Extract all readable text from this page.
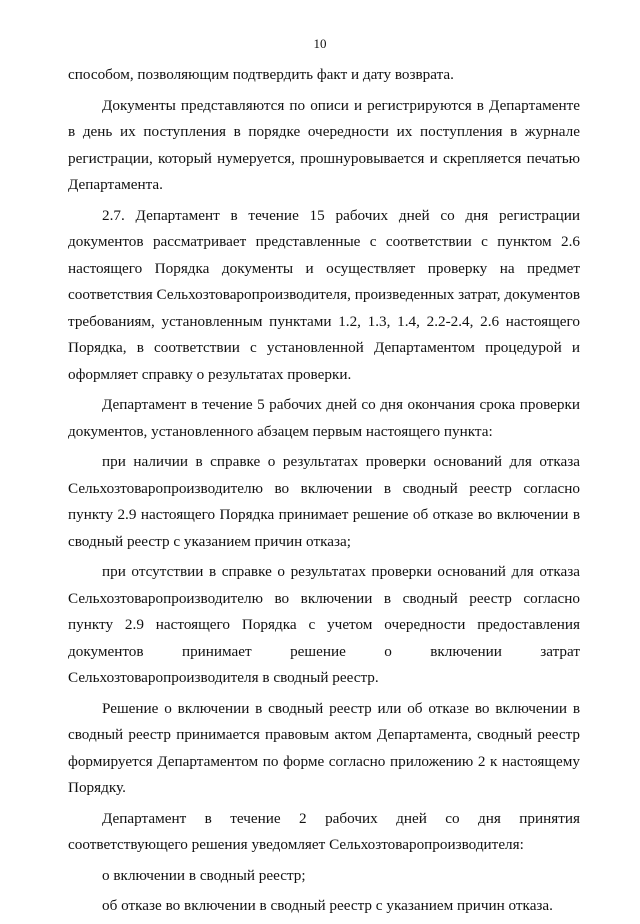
10

способом, позволяющим подтвердить факт и дату возврата.

Документы представляются по описи и регистрируются в Департаменте в день их поступления в порядке очередности их поступления в журнале регистрации, который нумеруется, прошнуровывается и скрепляется печатью Департамента.

2.7. Департамент в течение 15 рабочих дней со дня регистрации документов рассматривает представленные с соответствии с пунктом 2.6 настоящего Порядка документы и осуществляет проверку на предмет соответствия Сельхозтоваропроизводителя, произведенных затрат, документов требованиям, установленным пунктами 1.2, 1.3, 1.4, 2.2-2.4, 2.6 настоящего Порядка, в соответствии с установленной Департаментом процедурой и оформляет справку о результатах проверки.

Департамент в течение 5 рабочих дней со дня окончания срока проверки документов, установленного абзацем первым настоящего пункта:

при наличии в справке о результатах проверки оснований для отказа Сельхозтоваропроизводителю во включении в сводный реестр согласно пункту 2.9 настоящего Порядка принимает решение об отказе во включении в сводный реестр с указанием причин отказа;

при отсутствии в справке о результатах проверки оснований для отказа Сельхозтоваропроизводителю во включении в сводный реестр согласно пункту 2.9 настоящего Порядка с учетом очередности предоставления документов принимает решение о включении затрат Сельхозтоваропроизводителя в сводный реестр.

Решение о включении в сводный реестр или об отказе во включении в сводный реестр принимается правовым актом Департамента, сводный реестр формируется Департаментом по форме согласно приложению 2 к настоящему Порядку.

Департамент в течение 2 рабочих дней со дня принятия соответствующего решения уведомляет Сельхозтоваропроизводителя:

о включении в сводный реестр;

об отказе во включении в сводный реестр с указанием причин отказа.
